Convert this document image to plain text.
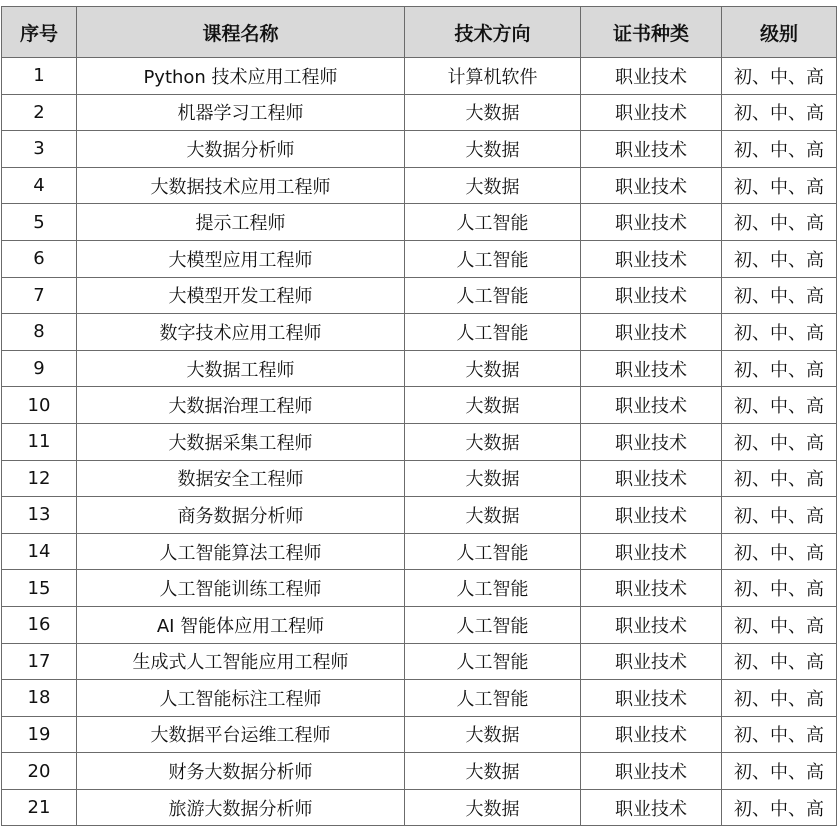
序号	课程名称	技术方向	证书种类	级别
1	Python 技术应用工程师	计算机软件	职业技术	初、中、高
2	机器学习工程师	大数据	职业技术	初、中、高
3	大数据分析师	大数据	职业技术	初、中、高
4	大数据技术应用工程师	大数据	职业技术	初、中、高
5	提示工程师	人工智能	职业技术	初、中、高
6	大模型应用工程师	人工智能	职业技术	初、中、高
7	大模型开发工程师	人工智能	职业技术	初、中、高
8	数字技术应用工程师	人工智能	职业技术	初、中、高
9	大数据工程师	大数据	职业技术	初、中、高
10	大数据治理工程师	大数据	职业技术	初、中、高
11	大数据采集工程师	大数据	职业技术	初、中、高
12	数据安全工程师	大数据	职业技术	初、中、高
13	商务数据分析师	大数据	职业技术	初、中、高
14	人工智能算法工程师	人工智能	职业技术	初、中、高
15	人工智能训练工程师	人工智能	职业技术	初、中、高
16	AI 智能体应用工程师	人工智能	职业技术	初、中、高
17	生成式人工智能应用工程师	人工智能	职业技术	初、中、高
18	人工智能标注工程师	人工智能	职业技术	初、中、高
19	大数据平台运维工程师	大数据	职业技术	初、中、高
20	财务大数据分析师	大数据	职业技术	初、中、高
21	旅游大数据分析师	大数据	职业技术	初、中、高
